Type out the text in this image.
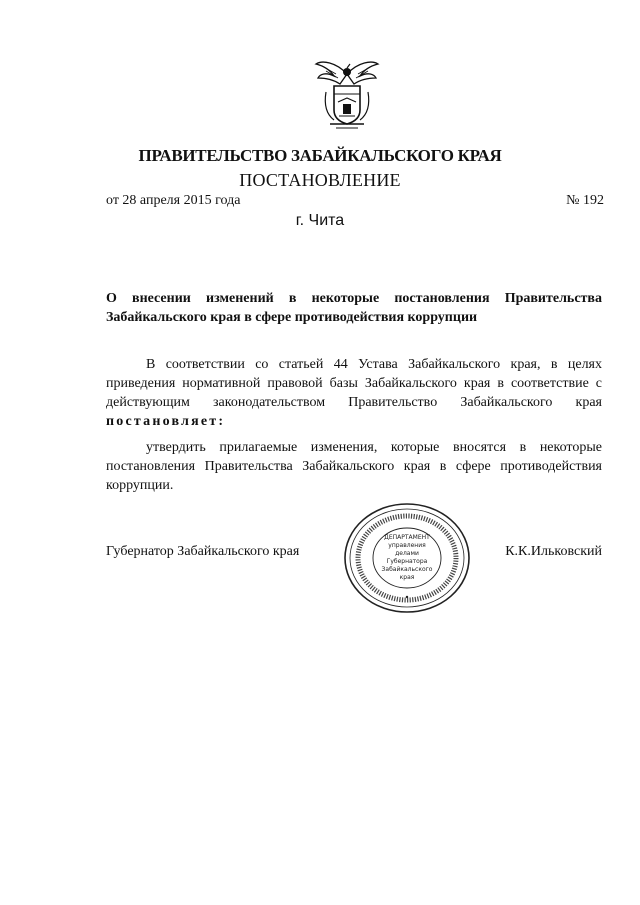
ПРАВИТЕЛЬСТВО ЗАБАЙКАЛЬСКОГО КРАЯ
ПОСТАНОВЛЕНИЕ
от 28 апреля 2015 года	№ 192
г. Чита

О внесении изменений в некоторые постановления Правительства Забайкальского края в сфере противодействия коррупции

В соответствии со статьей 44 Устава Забайкальского края, в целях приведения нормативной правовой базы Забайкальского края в соответствие с действующим законодательством Правительство Забайкальского края постановляет:

утвердить прилагаемые изменения, которые вносятся в некоторые постановления Правительства Забайкальского края в сфере противодействия коррупции.

Губернатор Забайкальского края
ДЕПАРТАМЕНТ
управления
делами
Губернатора
Забайкальского
края
К.К.Ильковский
